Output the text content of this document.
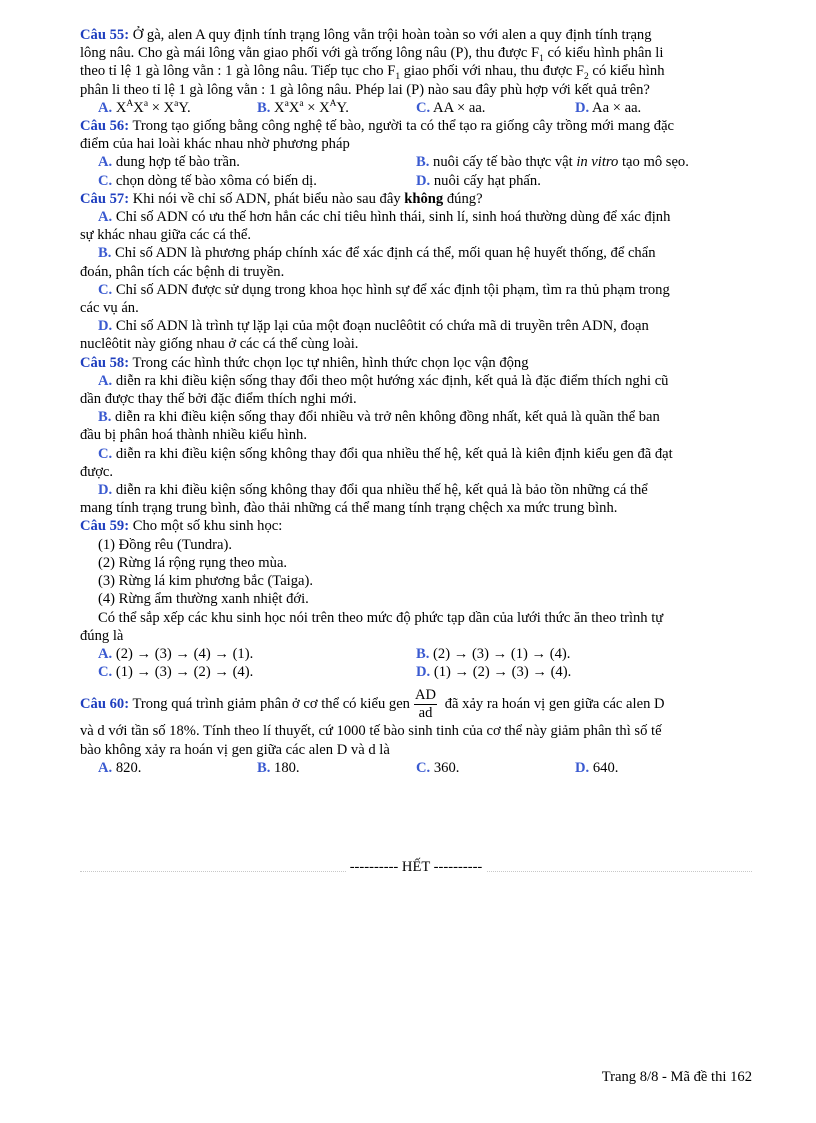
Câu 55: Ở gà, alen A quy định tính trạng lông vằn trội hoàn toàn so với alen a quy định tính trạng
lông nâu. Cho gà mái lông vằn giao phối với gà trống lông nâu (P), thu được $F_1$ có kiểu hình phân li
theo tỉ lệ 1 gà lông vằn : 1 gà lông nâu. Tiếp tục cho $F_1$ giao phối với nhau, thu được $F_2$ có kiểu hình
phân li theo tỉ lệ 1 gà lông vằn : 1 gà lông nâu. Phép lai (P) nào sau đây phù hợp với kết quả trên?
A. $X^AX^a \times X^aY$.	B. $X^aX^a \times X^AY$.	C. AA × aa.	D. Aa × aa.
Câu 56: Trong tạo giống bằng công nghệ tế bào, người ta có thể tạo ra giống cây trồng mới mang đặc
điểm của hai loài khác nhau nhờ phương pháp
A. dung hợp tế bào trần.	B. nuôi cấy tế bào thực vật in vitro tạo mô sẹo.
C. chọn dòng tế bào xôma có biến dị.	D. nuôi cấy hạt phấn.
Câu 57: Khi nói về chỉ số ADN, phát biểu nào sau đây không đúng?
A. Chỉ số ADN có ưu thế hơn hẳn các chỉ tiêu hình thái, sinh lí, sinh hoá thường dùng để xác định
sự khác nhau giữa các cá thể.
B. Chỉ số ADN là phương pháp chính xác để xác định cá thể, mối quan hệ huyết thống, để chẩn
đoán, phân tích các bệnh di truyền.
C. Chỉ số ADN được sử dụng trong khoa học hình sự để xác định tội phạm, tìm ra thủ phạm trong
các vụ án.
D. Chỉ số ADN là trình tự lặp lại của một đoạn nuclêôtit có chứa mã di truyền trên ADN, đoạn
nuclêôtit này giống nhau ở các cá thể cùng loài.
Câu 58: Trong các hình thức chọn lọc tự nhiên, hình thức chọn lọc vận động
A. diễn ra khi điều kiện sống thay đổi theo một hướng xác định, kết quả là đặc điểm thích nghi cũ
dần được thay thế bởi đặc điểm thích nghi mới.
B. diễn ra khi điều kiện sống thay đổi nhiều và trở nên không đồng nhất, kết quả là quần thể ban
đầu bị phân hoá thành nhiều kiểu hình.
C. diễn ra khi điều kiện sống không thay đổi qua nhiều thế hệ, kết quả là kiên định kiểu gen đã đạt
được.
D. diễn ra khi điều kiện sống không thay đổi qua nhiều thế hệ, kết quả là bảo tồn những cá thể
mang tính trạng trung bình, đào thải những cá thể mang tính trạng chệch xa mức trung bình.
Câu 59: Cho một số khu sinh học:
(1) Đồng rêu (Tundra).
(2) Rừng lá rộng rụng theo mùa.
(3) Rừng lá kim phương bắc (Taiga).
(4) Rừng ẩm thường xanh nhiệt đới.
Có thể sắp xếp các khu sinh học nói trên theo mức độ phức tạp dần của lưới thức ăn theo trình tự
đúng là
A. (2) → (3) → (4) → (1).	B. (2) → (3) → (1) → (4).
C. (1) → (3) → (2) → (4).	D. (1) → (2) → (3) → (4).
Câu 60: Trong quá trình giảm phân ở cơ thể có kiểu gen $\frac{AD}{ad}$ đã xảy ra hoán vị gen giữa các alen D
và d với tần số 18%. Tính theo lí thuyết, cứ 1000 tế bào sinh tinh của cơ thể này giảm phân thì số tế
bào không xảy ra hoán vị gen giữa các alen D và d là
A. 820.	B. 180.	C. 360.	D. 640.
---------- HẾT ----------
Trang 8/8 - Mã đề thi 162
